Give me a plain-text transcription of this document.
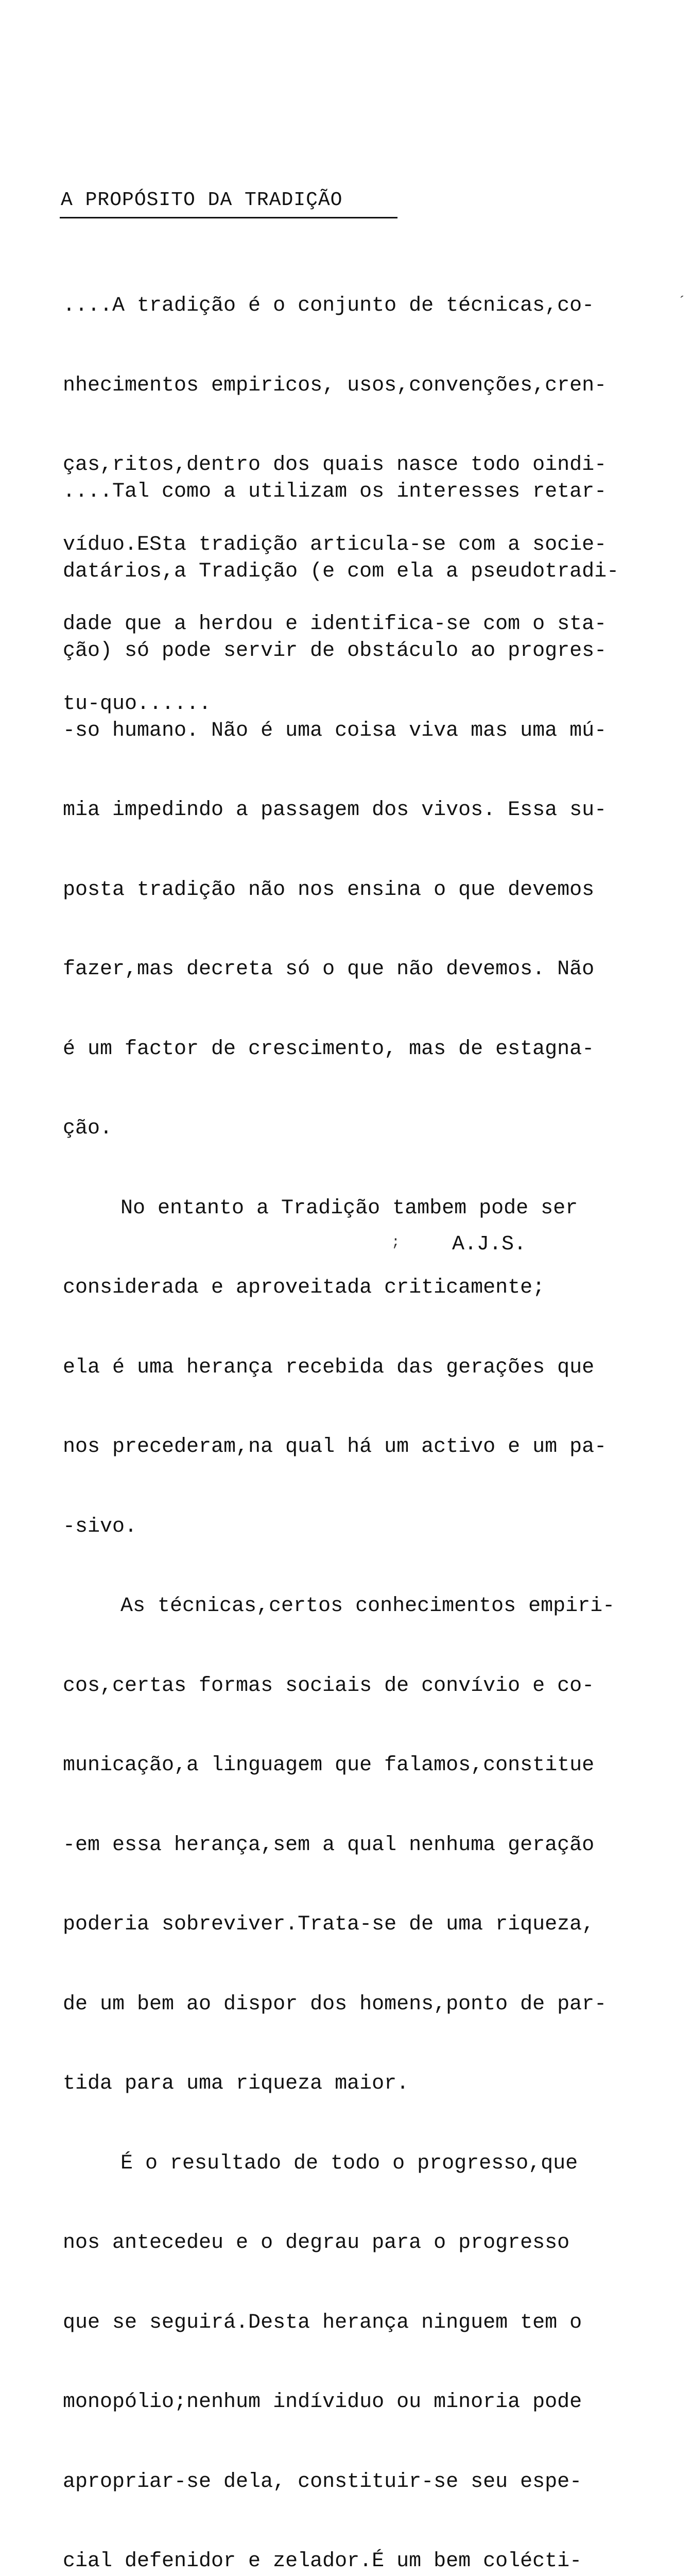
A PROPÓSITO DA TRADIÇÃO

....A tradição é o conjunto de técnicas,co-

nhecimentos empiricos, usos,convenções,cren-

ças,ritos,dentro dos quais nasce todo oindi-

víduo.ESta tradição articula-se com a socie-

dade que a herdou e identifica-se com o sta-

tu-quo......

....Tal como a utilizam os interesses retar-

datários,a Tradição (e com ela a pseudotradi-

ção) só pode servir de obstáculo ao progres-

-so humano. Não é uma coisa viva mas uma mú-

mia impedindo a passagem dos vivos. Essa su-

posta tradição não nos ensina o que devemos

fazer,mas decreta só o que não devemos. Não

é um factor de crescimento, mas de estagna-

ção.

No entanto a Tradição tambem pode ser

considerada e aproveitada criticamente;

ela é uma herança recebida das gerações que

nos precederam,na qual há um activo e um pa-

-sivo.

As técnicas,certos conhecimentos empiri-

cos,certas formas sociais de convívio e co-

municação,a linguagem que falamos,constitue

-em essa herança,sem a qual nenhuma geração

poderia sobreviver.Trata-se de uma riqueza,

de um bem ao dispor dos homens,ponto de par-

tida para uma riqueza maior.

É o resultado de todo o progresso,que

nos antecedeu e o degrau para o progresso

que se seguirá.Desta herança ninguem tem o

monopólio;nenhum indíviduo ou minoria pode

apropriar-se dela, constituir-se seu espe-

cial defenidor e zelador.É um bem colécti-

A.J.S.
´
;
